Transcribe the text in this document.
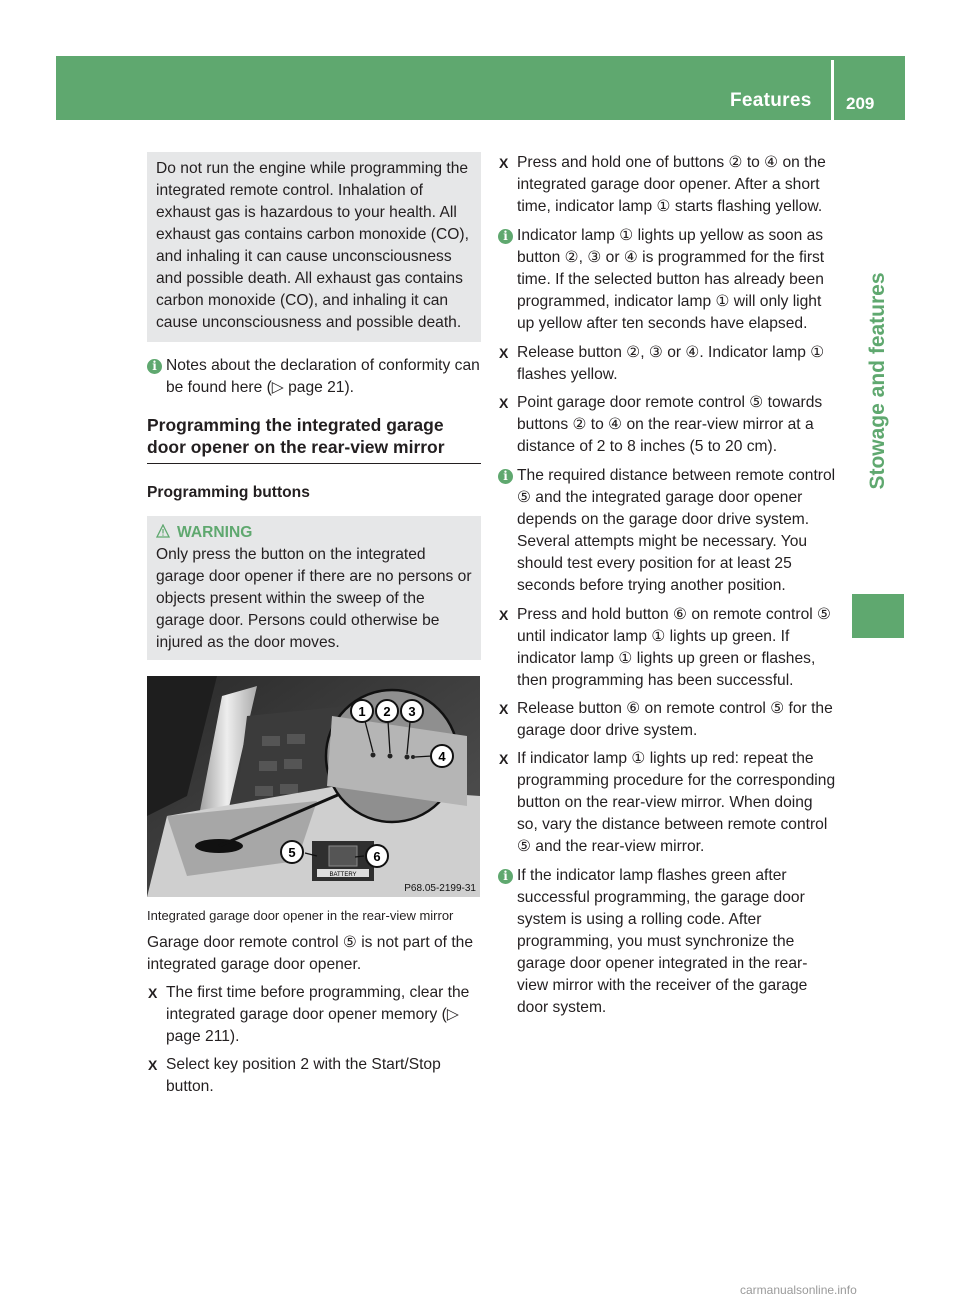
Features 209
Stowage and features

Do not run the engine while programming the integrated remote control. Inhalation of exhaust gas is hazardous to your health. All exhaust gas contains carbon monoxide (CO), and inhaling it can cause unconsciousness and possible death. All exhaust gas contains carbon monoxide (CO), and inhaling it can cause unconsciousness and possible death.

i Notes about the declaration of conformity can be found here (▷ page 21).

Programming the integrated garage door opener on the rear-view mirror
Programming buttons

WARNING

Only press the button on the integrated garage door opener if there are no persons or objects present within the sweep of the garage door. Persons could otherwise be injured as the door moves.

BATTERY
1 2 3
4
5	6
P68.05-2199-31

Integrated garage door opener in the rear-view mirror

Garage door remote control ⑤ is not part of the integrated garage door opener.

X The first time before programming, clear the integrated garage door opener memory (▷ page 211).

X Select key position 2 with the Start/Stop button.

X Press and hold one of buttons ② to ④ on the integrated garage door opener. After a short time, indicator lamp ① starts flashing yellow.

i Indicator lamp ① lights up yellow as soon as button ②, ③ or ④ is programmed for the first time. If the selected button has already been programmed, indicator lamp ① will only light up yellow after ten seconds have elapsed.

X Release button ②, ③ or ④. Indicator lamp ① flashes yellow.

X Point garage door remote control ⑤ towards buttons ② to ④ on the rear-view mirror at a distance of 2 to 8 inches (5 to 20 cm).

i The required distance between remote control ⑤ and the integrated garage door opener depends on the garage door drive system. Several attempts might be necessary. You should test every position for at least 25 seconds before trying another position.

X Press and hold button ⑥ on remote control ⑤ until indicator lamp ① lights up green. If indicator lamp ① lights up green or flashes, then programming has been successful.

X Release button ⑥ on remote control ⑤ for the garage door drive system.

X If indicator lamp ① lights up red: repeat the programming procedure for the corresponding button on the rear-view mirror. When doing so, vary the distance between remote control ⑤ and the rear-view mirror.

i If the indicator lamp flashes green after successful programming, the garage door system is using a rolling code. After programming, you must synchronize the garage door opener integrated in the rear-view mirror with the receiver of the garage door system.

carmanualsonline.info
